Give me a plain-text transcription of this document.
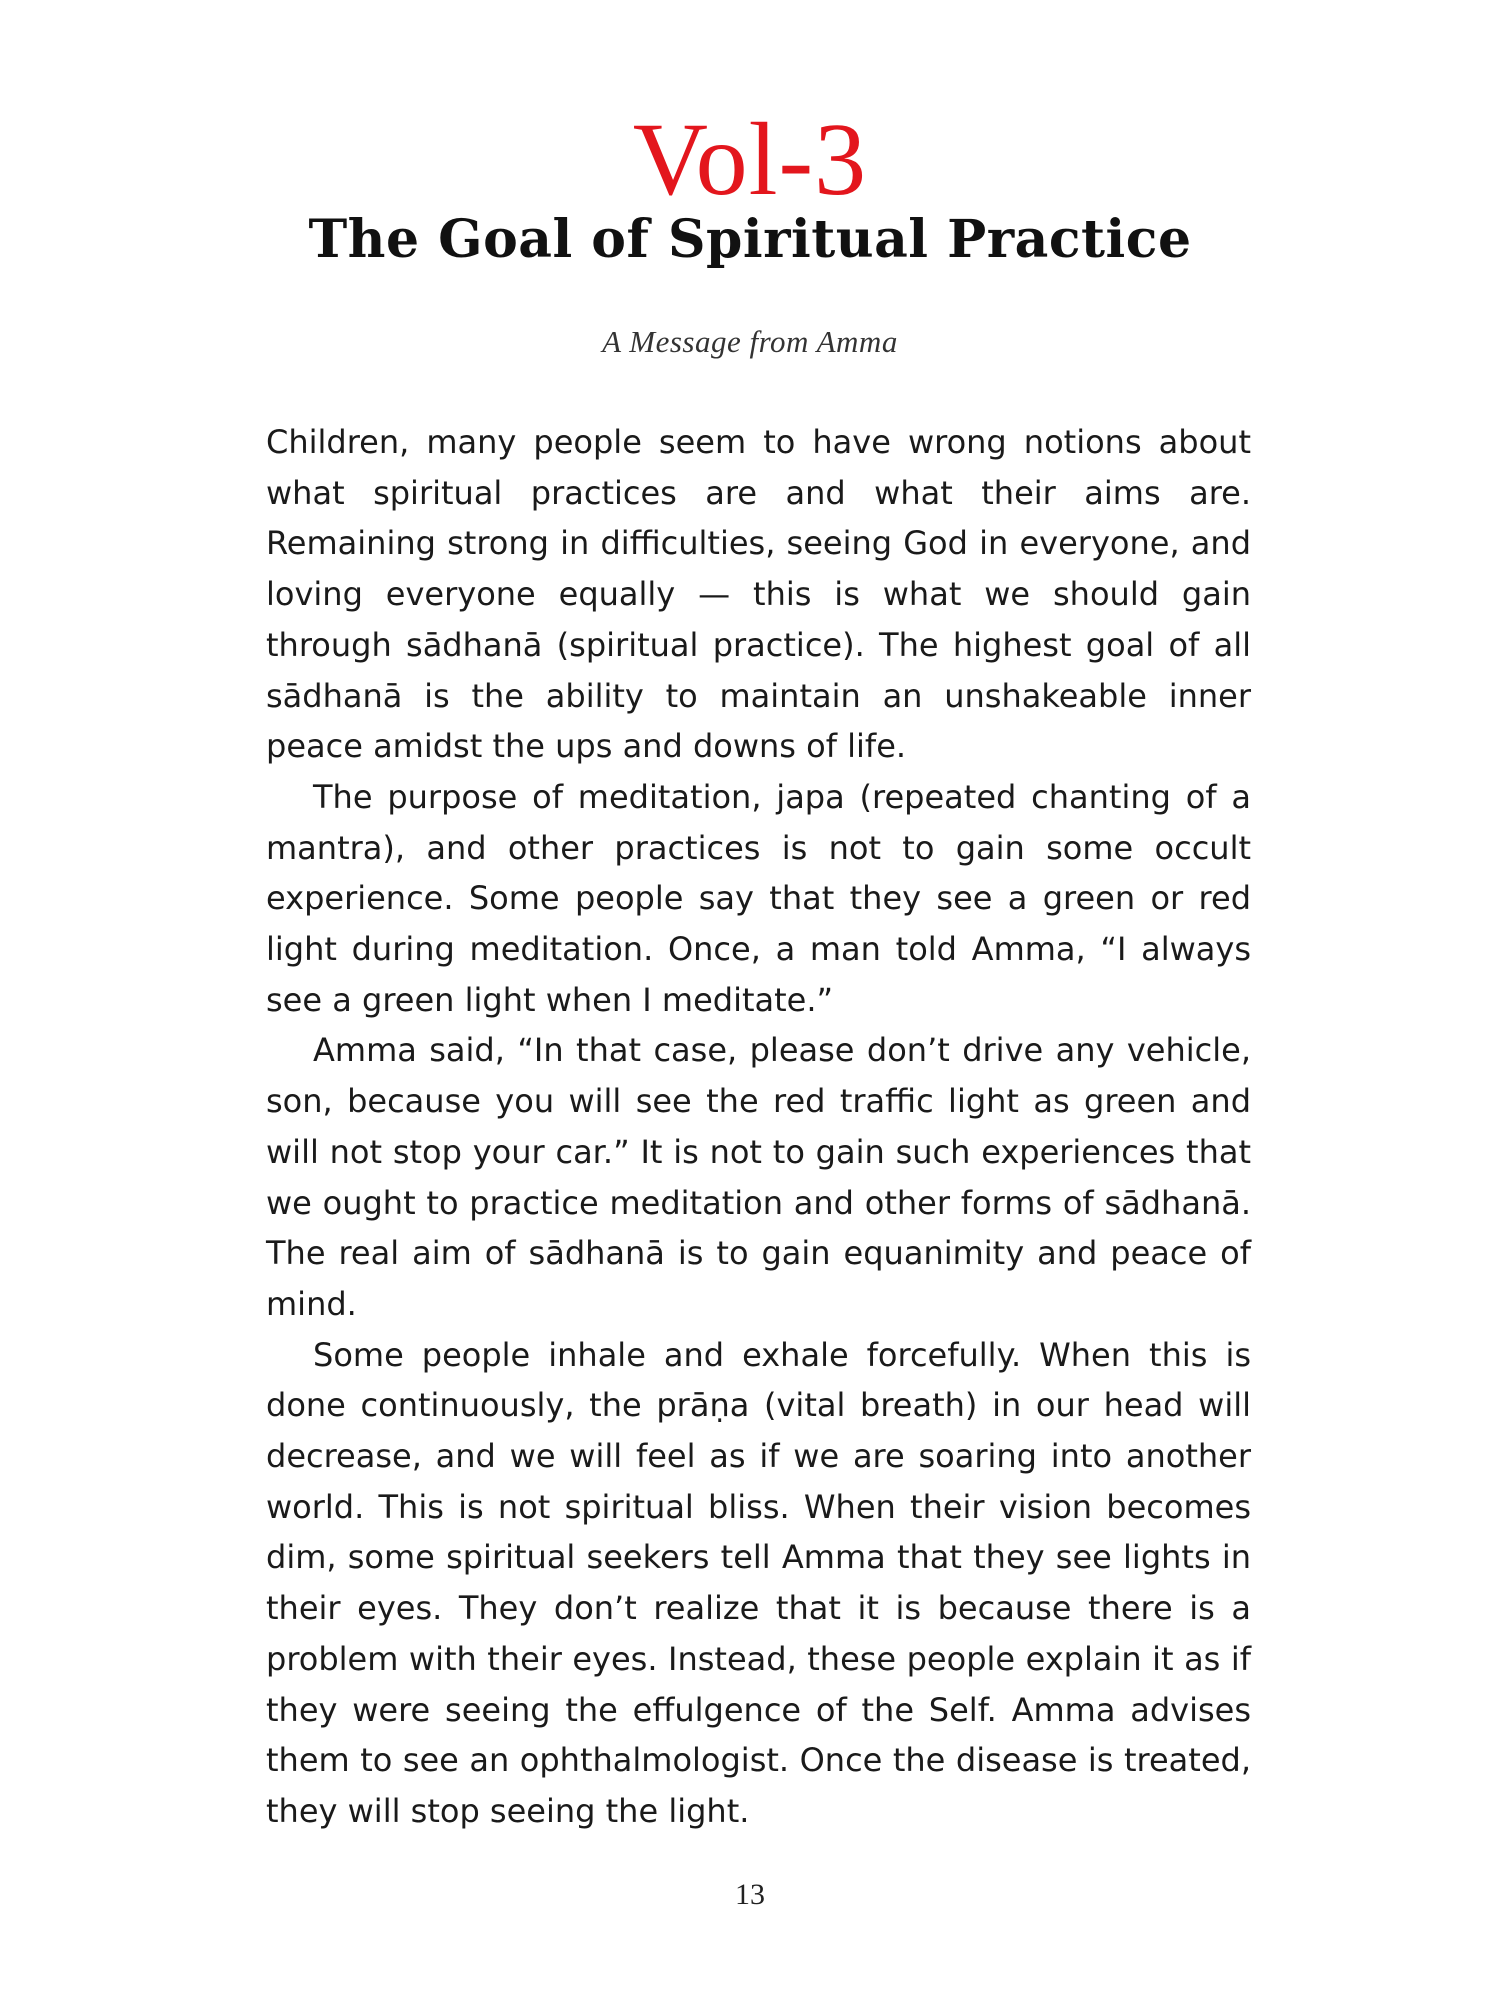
Vol-3
The Goal of Spiritual Practice
A Message from Amma

Children, many people seem to have wrong notions about what spiritual practices are and what their aims are. Remaining strong in difficulties, seeing God in everyone, and loving everyone equally — this is what we should gain through sādhanā (spiritual practice). The highest goal of all sādhanā is the ability to maintain an unshakeable inner peace amidst the ups and downs of life.

The purpose of meditation, japa (repeated chanting of a mantra), and other practices is not to gain some occult experience. Some people say that they see a green or red light during meditation. Once, a man told Amma, “I always see a green light when I meditate.”

Amma said, “In that case, please don’t drive any vehicle, son, because you will see the red traffic light as green and will not stop your car.” It is not to gain such experiences that we ought to practice meditation and other forms of sādhanā. The real aim of sādhanā is to gain equanimity and peace of mind.

Some people inhale and exhale forcefully. When this is done continuously, the prāṇa (vital breath) in our head will decrease, and we will feel as if we are soaring into another world. This is not spiritual bliss. When their vision becomes dim, some spiritual seekers tell Amma that they see lights in their eyes. They don’t realize that it is because there is a problem with their eyes. Instead, these people explain it as if they were seeing the effulgence of the Self. Amma advises them to see an ophthalmologist. Once the disease is treated, they will stop seeing the light.

13
